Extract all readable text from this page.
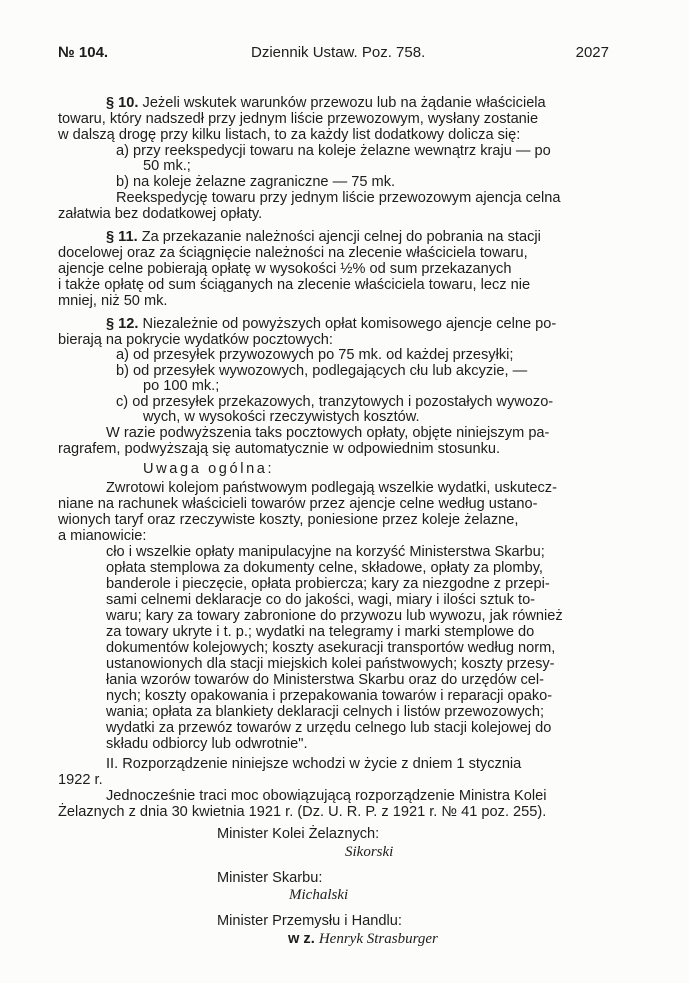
№ 104.	Dziennik Ustaw. Poz. 758.	2027
§ 10. Jeżeli wskutek warunków przewozu lub na żądanie właściciela
towaru, który nadszedł przy jednym liście przewozowym, wysłany zostanie
w dalszą drogę przy kilku listach, to za każdy list dodatkowy dolicza się:
a) przy reekspedycji towaru na koleje żelazne wewnątrz kraju — po
50 mk.;
b) na koleje żelazne zagraniczne — 75 mk.
Reekspedycję towaru przy jednym liście przewozowym ajencja celna
załatwia bez dodatkowej opłaty.
§ 11. Za przekazanie należności ajencji celnej do pobrania na stacji
docelowej oraz za ściągnięcie należności na zlecenie właściciela towaru,
ajencje celne pobierają opłatę w wysokości ½% od sum przekazanych
i także opłatę od sum ściąganych na zlecenie właściciela towaru, lecz nie
mniej, niż 50 mk.
§ 12. Niezależnie od powyższych opłat komisowego ajencje celne po-
bierają na pokrycie wydatków pocztowych:
a) od przesyłek przywozowych po 75 mk. od każdej przesyłki;
b) od przesyłek wywozowych, podlegających cłu lub akcyzie, —
po 100 mk.;
c) od przesyłek przekazowych, tranzytowych i pozostałych wywozo-
wych, w wysokości rzeczywistych kosztów.
W razie podwyższenia taks pocztowych opłaty, objęte niniejszym pa-
ragrafem, podwyższają się automatycznie w odpowiednim stosunku.
Uwaga ogólna:
Zwrotowi kolejom państwowym podlegają wszelkie wydatki, uskutecz-
niane na rachunek właścicieli towarów przez ajencje celne według ustano-
wionych taryf oraz rzeczywiste koszty, poniesione przez koleje żelazne,
a mianowicie:
cło i wszelkie opłaty manipulacyjne na korzyść Ministerstwa Skarbu;
opłata stemplowa za dokumenty celne, składowe, opłaty za plomby,
banderole i pieczęcie, opłata probiercza; kary za niezgodne z przepi-
sami celnemi deklaracje co do jakości, wagi, miary i ilości sztuk to-
waru; kary za towary zabronione do przywozu lub wywozu, jak również
za towary ukryte i t. p.; wydatki na telegramy i marki stemplowe do
dokumentów kolejowych; koszty asekuracji transportów według norm,
ustanowionych dla stacji miejskich kolei państwowych; koszty przesy-
łania wzorów towarów do Ministerstwa Skarbu oraz do urzędów cel-
nych; koszty opakowania i przepakowania towarów i reparacji opako-
wania; opłata za blankiety deklaracji celnych i listów przewozowych;
wydatki za przewóz towarów z urzędu celnego lub stacji kolejowej do
składu odbiorcy lub odwrotnie".
II. Rozporządzenie niniejsze wchodzi w życie z dniem 1 stycznia
1922 r.
Jednocześnie traci moc obowiązującą rozporządzenie Ministra Kolei
Żelaznych z dnia 30 kwietnia 1921 r. (Dz. U. R. P. z 1921 r. № 41 poz. 255).
Minister Kolei Żelaznych:
Sikorski
Minister Skarbu:
Michalski
Minister Przemysłu i Handlu:
w z. Henryk Strasburger
